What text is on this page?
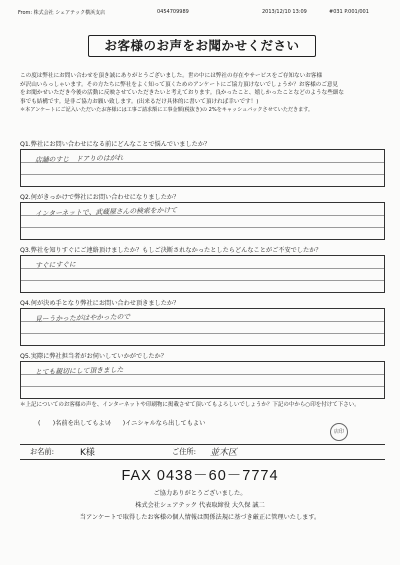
From: 株式会社 シェアテック横浜支店	0454709989	2013/12/10 13:09	#031 P.001/001
お客様のお声をお聞かせください

この度は弊社にお問い合わせを頂き誠にありがとうございました。世の中には弊社の存在やサービスをご存知ないお客様

が沢山いらっしゃいます。その方たちに弊社をよく知って頂くためのアンケートにご協力頂けないでしょうか？お客様のご意見

をお聞かせいただき今後の活動に反映させていただきたいと考えております。良かったこと、嬉しかったことなどのような些細な

事でも結構です。是非ご協力お願い致します。(出来るだけ具体的に書いて頂ければ幸いです！)

＊本アンケートにご記入いただいたお客様には工事ご請求額に工事金額(税抜き)の 2%をキャッシュバックさせていただきます。

Q1.弊社にお問い合わせになる前にどんなことで悩んでいましたか？
店舗のすじ　ドアりのはがれ
Q2.何がきっかけで弊社にお問い合わせになりましたか？
インターネットで、武蔵屋さんの検索をかけて
Q3.弊社を知りすぐにご連絡頂けましたか？もしご決断されなかったとしたらどんなことがご不安でしたか？
すぐにすぐに
Q4.何が決め手となり弊社にお問い合わせ頂きましたか？
見ーうかったがはやかったので
Q5.実際に弊社担当者がお伺いしていかがでしたか？
とても親切にして頂きました
＊上記についてのお客様の声を、インターネットや印刷物に掲載させて頂いてもよろしいでしょうか？下記の中から○印を付けて下さい。
(　　)名前を出してもよい
(　　)イニシャルなら出してもよい
店印
お名前:	K様	ご住所: 並木区
FAX 0438－60－7774
ご協力ありがとうございました。
株式会社シェアテック 代表取締役 大久保 誠二
当アンケートで取得したお客様の個人情報は関係法規に基づき厳正に管理いたします。
